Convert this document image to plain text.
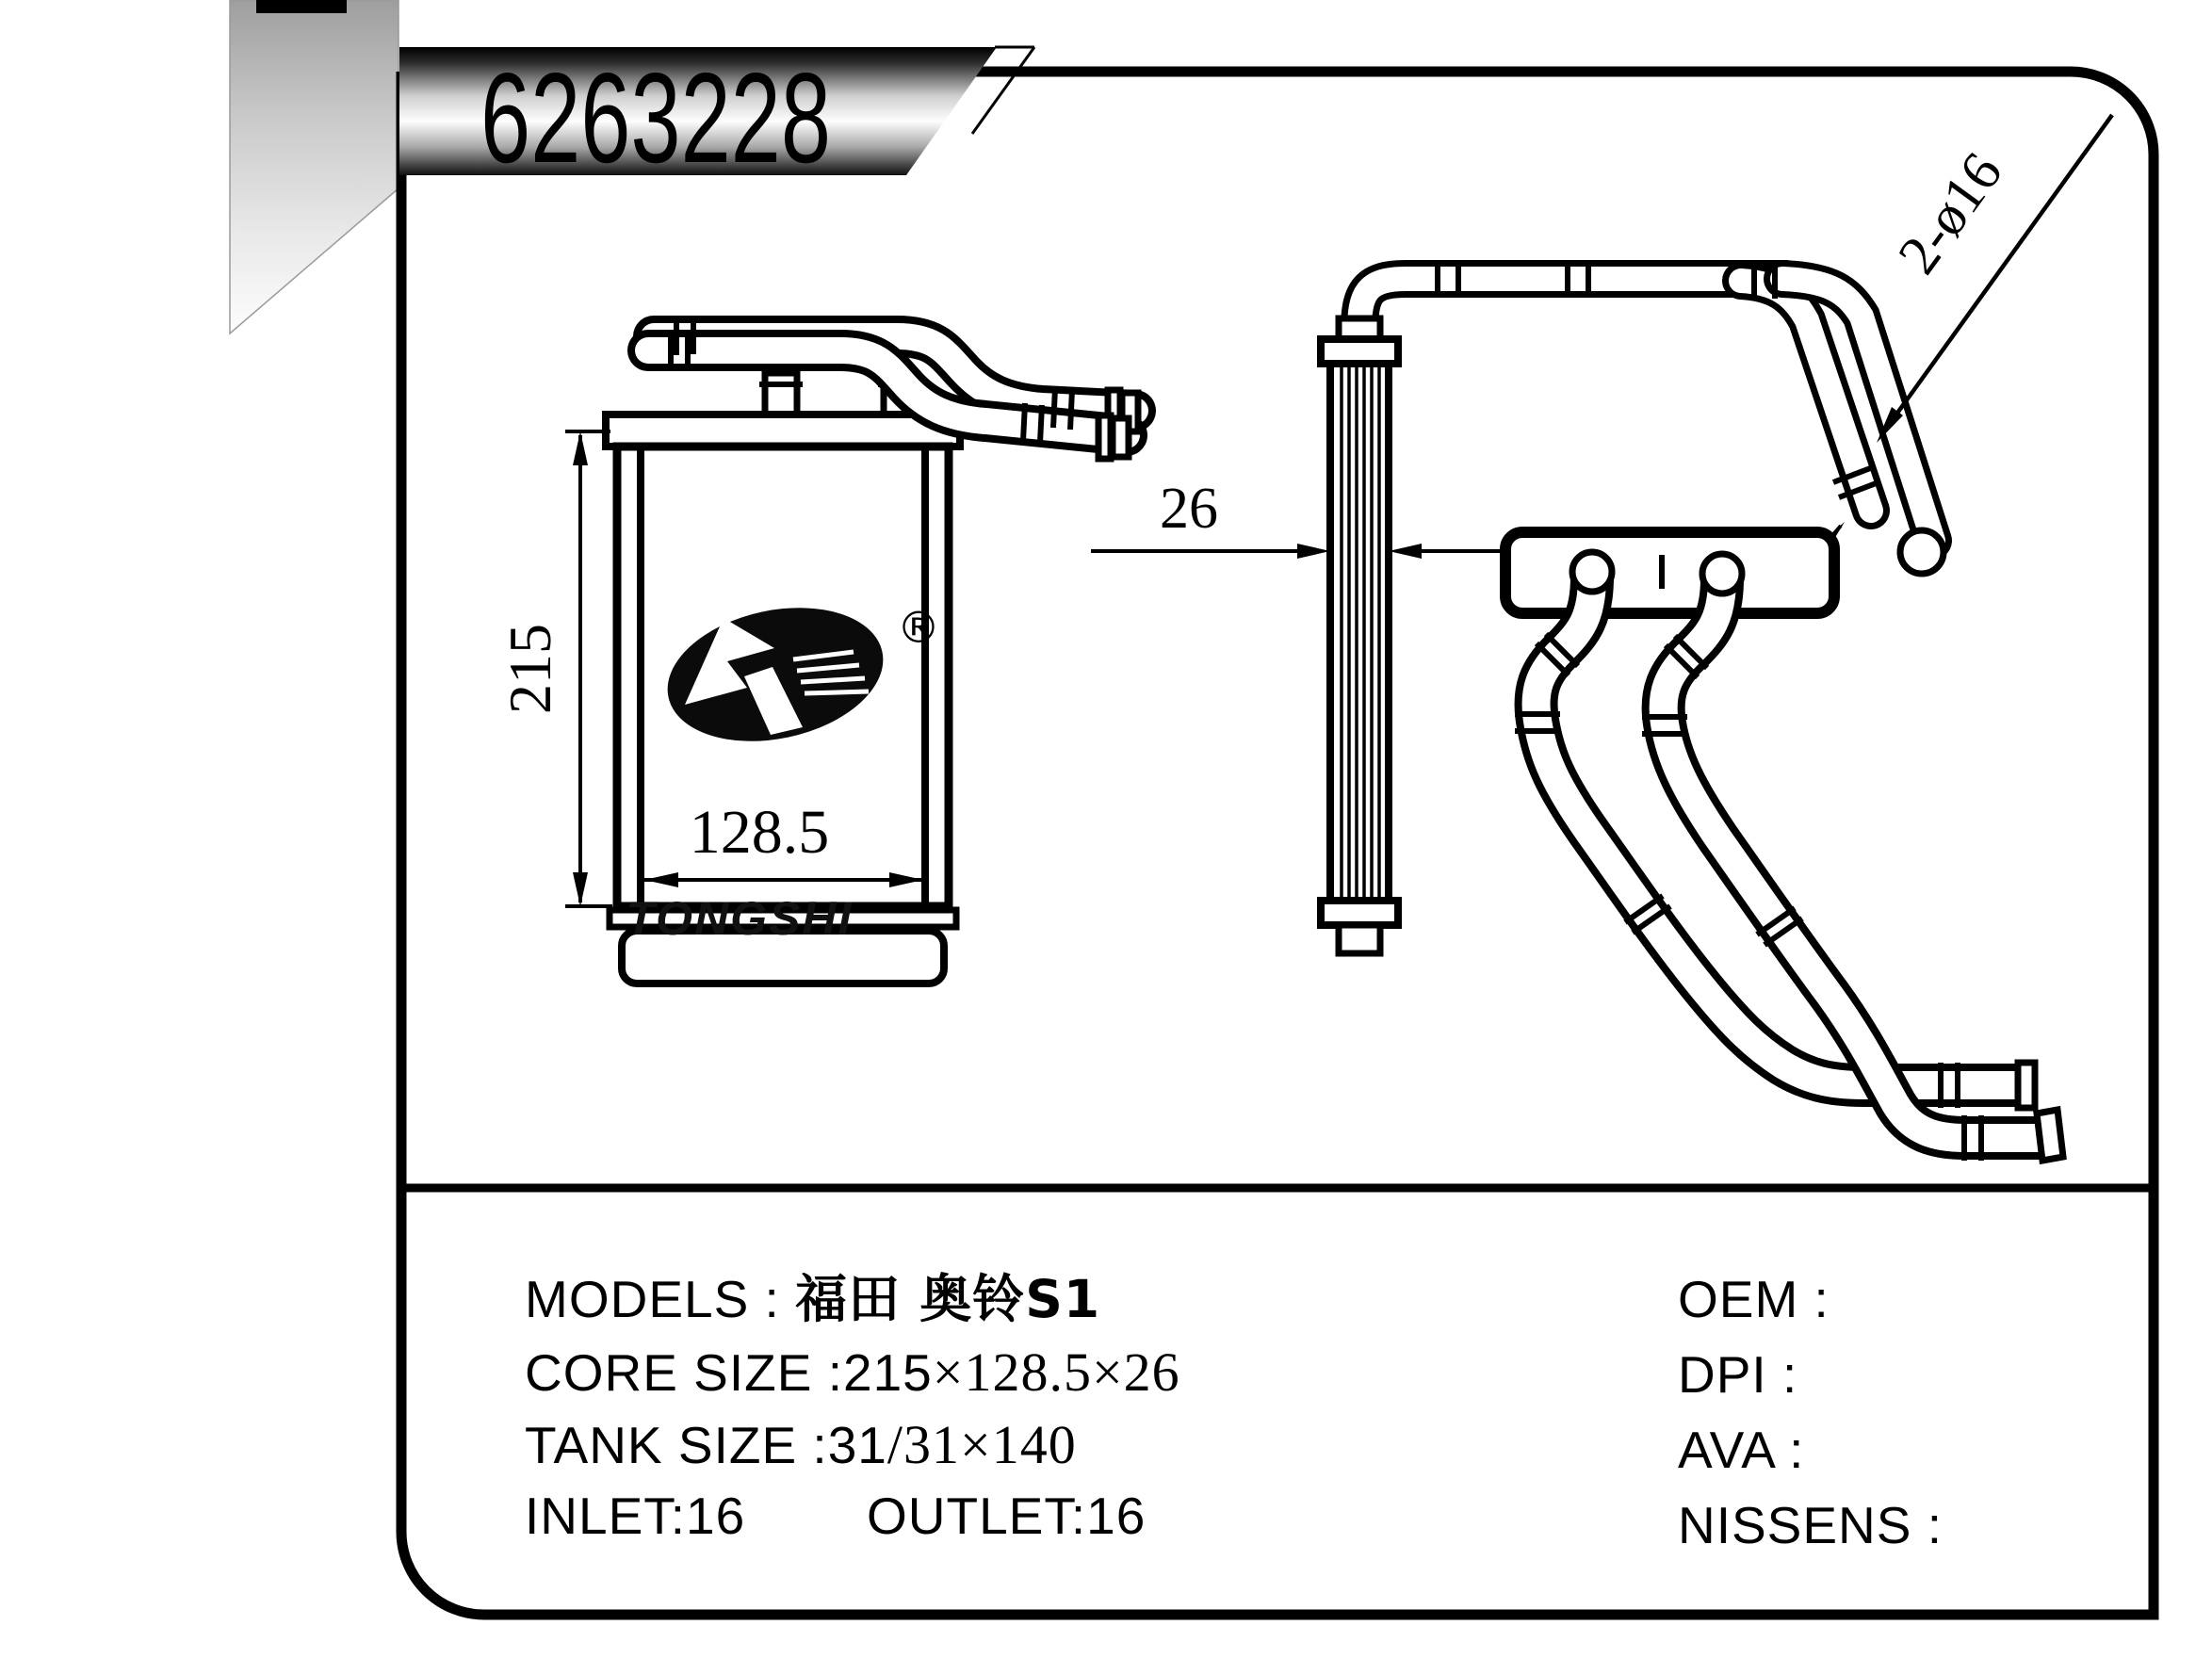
6263228
215
128.5
®
TONGSHI
26
2-ø16
MODELS : 福田 奥铃S1
CORE SIZE :215×128.5×26
TANK SIZE :31/31×140
INLET:16 OUTLET:16
OEM :
DPI :
AVA :
NISSENS :
